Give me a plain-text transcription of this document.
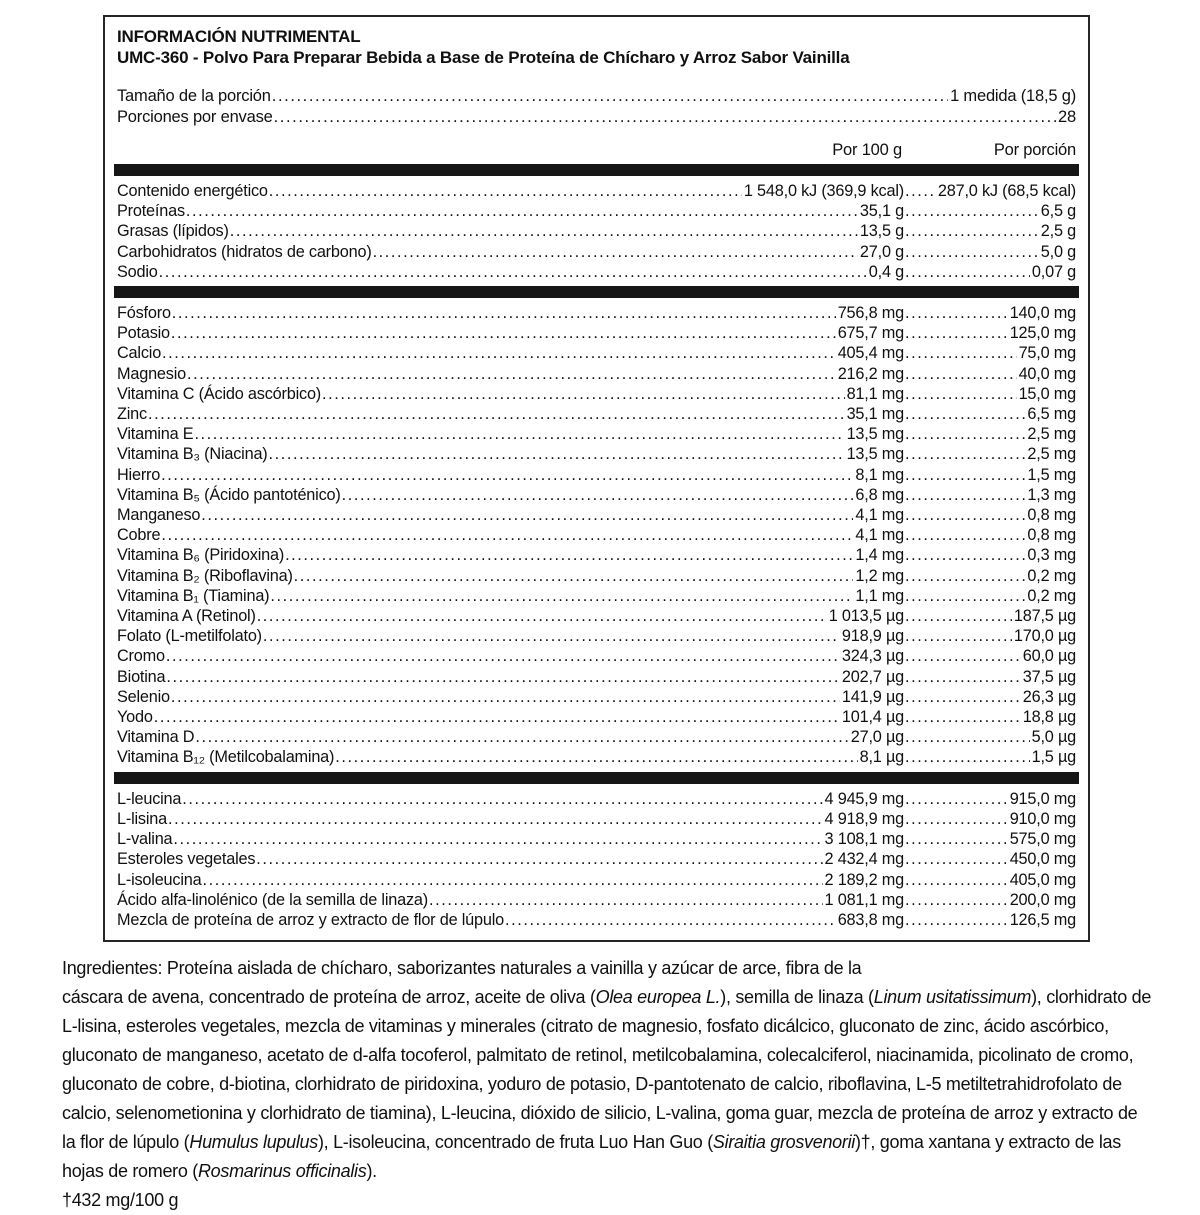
INFORMACIÓN NUTRIMENTAL
UMC-360 - Polvo Para Preparar Bebida a Base de Proteína de Chícharo y Arroz Sabor Vainilla
Tamaño de la porción .....	1 medida (18,5 g)
Porciones por envase .....	28
Por 100 g	Por porción
Contenido energético .....	1 548,0 kJ (369,9 kcal) ..... 287,0 kJ (68,5 kcal)
Proteínas .....	35,1 g .....	6,5 g
Grasas (lípidos) .....	13,5 g .....	2,5 g
Carbohidratos (hidratos de carbono) .....	27,0 g .....	5,0 g
Sodio .....	0,4 g .....	0,07 g
Fósforo .....	756,8 mg .....	140,0 mg
Potasio .....	675,7 mg .....	125,0 mg
Calcio .....	405,4 mg .....	75,0 mg
Magnesio .....	216,2 mg .....	40,0 mg
Vitamina C (Ácido ascórbico) .....	81,1 mg .....	15,0 mg
Zinc .....	35,1 mg .....	6,5 mg
Vitamina E .....	13,5 mg .....	2,5 mg
Vitamina B₃ (Niacina) .....	13,5 mg .....	2,5 mg
Hierro .....	8,1 mg .....	1,5 mg
Vitamina B₅ (Ácido pantoténico) .....	6,8 mg .....	1,3 mg
Manganeso .....	4,1 mg .....	0,8 mg
Cobre .....	4,1 mg .....	0,8 mg
Vitamina B₆ (Piridoxina) .....	1,4 mg .....	0,3 mg
Vitamina B₂ (Riboflavina) .....	1,2 mg .....	0,2 mg
Vitamina B₁ (Tiamina) .....	1,1 mg .....	0,2 mg
Vitamina A (Retinol) .....	1 013,5 µg .....	187,5 µg
Folato (L-metilfolato) .....	918,9 µg .....	170,0 µg
Cromo .....	324,3 µg .....	60,0 µg
Biotina .....	202,7 µg .....	37,5 µg
Selenio .....	141,9 µg .....	26,3 µg
Yodo .....	101,4 µg .....	18,8 µg
Vitamina D .....	27,0 µg .....	5,0 µg
Vitamina B₁₂ (Metilcobalamina) .....	8,1 µg .....	1,5 µg
L-leucina .....	4 945,9 mg .....	915,0 mg
L-lisina .....	4 918,9 mg .....	910,0 mg
L-valina .....	3 108,1 mg .....	575,0 mg
Esteroles vegetales .....	2 432,4 mg .....	450,0 mg
L-isoleucina .....	2 189,2 mg .....	405,0 mg
Ácido alfa-linolénico (de la semilla de linaza) .....	1 081,1 mg .....	200,0 mg
Mezcla de proteína de arroz y extracto de flor de lúpulo .....	683,8 mg .....	126,5 mg
Ingredientes: Proteína aislada de chícharo, saborizantes naturales a vainilla y azúcar de arce, fibra de la
cáscara de avena, concentrado de proteína de arroz, aceite de oliva (Olea europea L.), semilla de linaza (Linum usitatissimum), clorhidrato de L-lisina, esteroles vegetales, mezcla de vitaminas y minerales (citrato de magnesio, fosfato dicálcico, gluconato de zinc, ácido ascórbico, gluconato de manganeso, acetato de d-alfa tocoferol, palmitato de retinol, metilcobalamina, colecalciferol, niacinamida, picolinato de cromo, gluconato de cobre, d-biotina, clorhidrato de piridoxina, yoduro de potasio, D-pantotenato de calcio, riboflavina, L-5 metiltetrahidrofolato de calcio, selenometionina y clorhidrato de tiamina), L-leucina, dióxido de silicio, L-valina, goma guar, mezcla de proteína de arroz y extracto de la flor de lúpulo (Humulus lupulus), L-isoleucina, concentrado de fruta Luo Han Guo (Siraitia grosvenorii)†, goma xantana y extracto de las hojas de romero (Rosmarinus officinalis).
†432 mg/100 g
